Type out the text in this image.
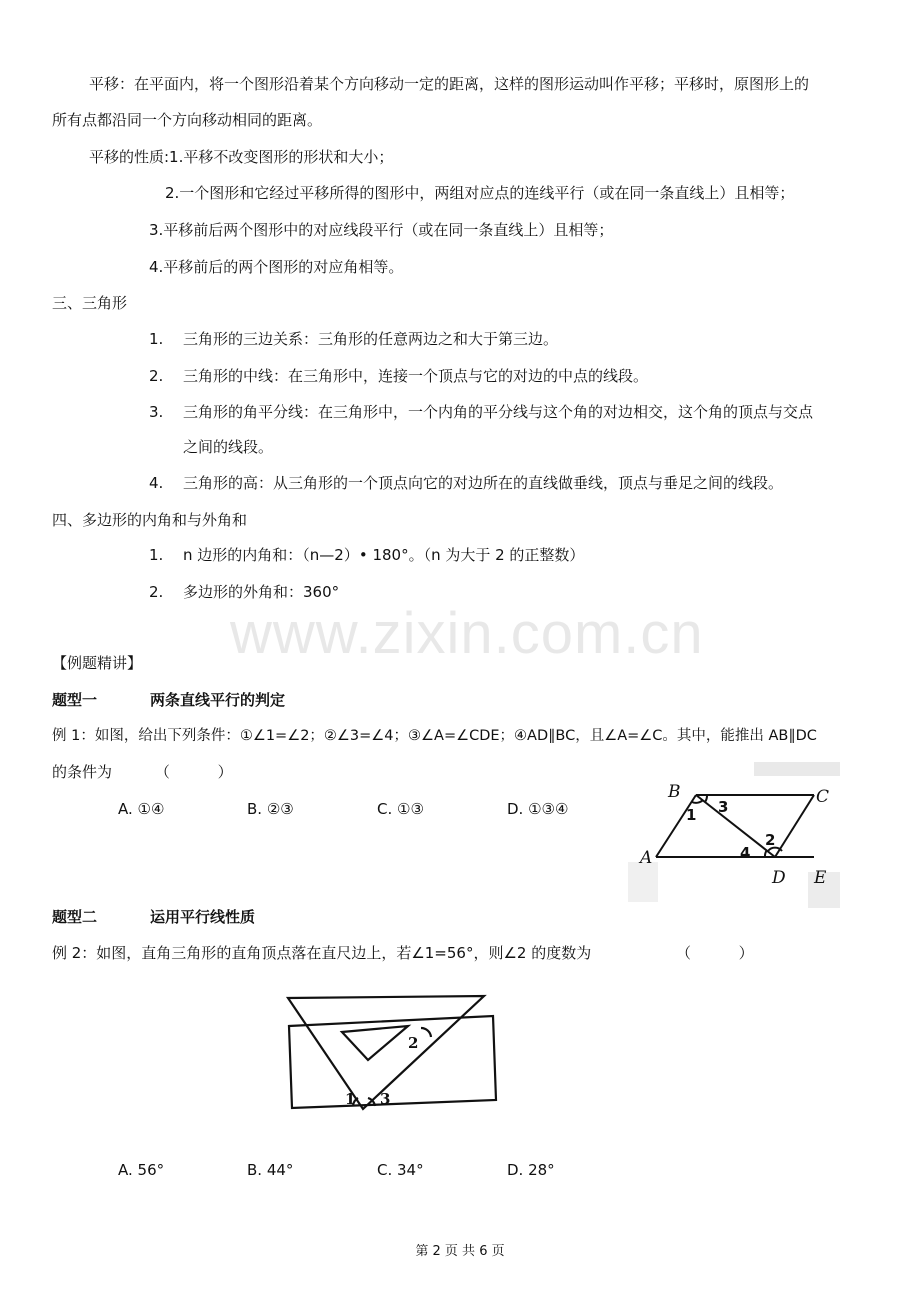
平移：在平面内，将一个图形沿着某个方向移动一定的距离，这样的图形运动叫作平移；平移时，原图形上的
所有点都沿同一个方向移动相同的距离。
平移的性质:1.平移不改变图形的形状和大小；
2.一个图形和它经过平移所得的图形中，两组对应点的连线平行（或在同一条直线上）且相等；
3.平移前后两个图形中的对应线段平行（或在同一条直线上）且相等；
4.平移前后的两个图形的对应角相等。
三、三角形
1. 三角形的三边关系：三角形的任意两边之和大于第三边。
2. 三角形的中线：在三角形中，连接一个顶点与它的对边的中点的线段。
3. 三角形的角平分线：在三角形中，一个内角的平分线与这个角的对边相交，这个角的顶点与交点
之间的线段。
4. 三角形的高：从三角形的一个顶点向它的对边所在的直线做垂线，顶点与垂足之间的线段。
四、多边形的内角和与外角和
1. n 边形的内角和：（n—2）• 180°。（n 为大于 2 的正整数）
2. 多边形的外角和：360°
www.zixin.com.cn
【例题精讲】
题型一	两条直线平行的判定
例 1：如图，给出下列条件：①∠1=∠2；②∠3=∠4；③∠A=∠CDE；④AD∥BC，且∠A=∠C。其中，能推出 AB∥DC
的条件为         （          ）
A. ①④	B. ②③	C. ①③	D. ①③④
B	C
A
D E
1
2
3
4
题型二	运用平行线性质
例 2：如图，直角三角形的直角顶点落在直尺边上，若∠1=56°，则∠2 的度数为	（          ）
1
2
3
A. 56°	B. 44°	C. 34°	D. 28°
第 2 页 共 6 页
